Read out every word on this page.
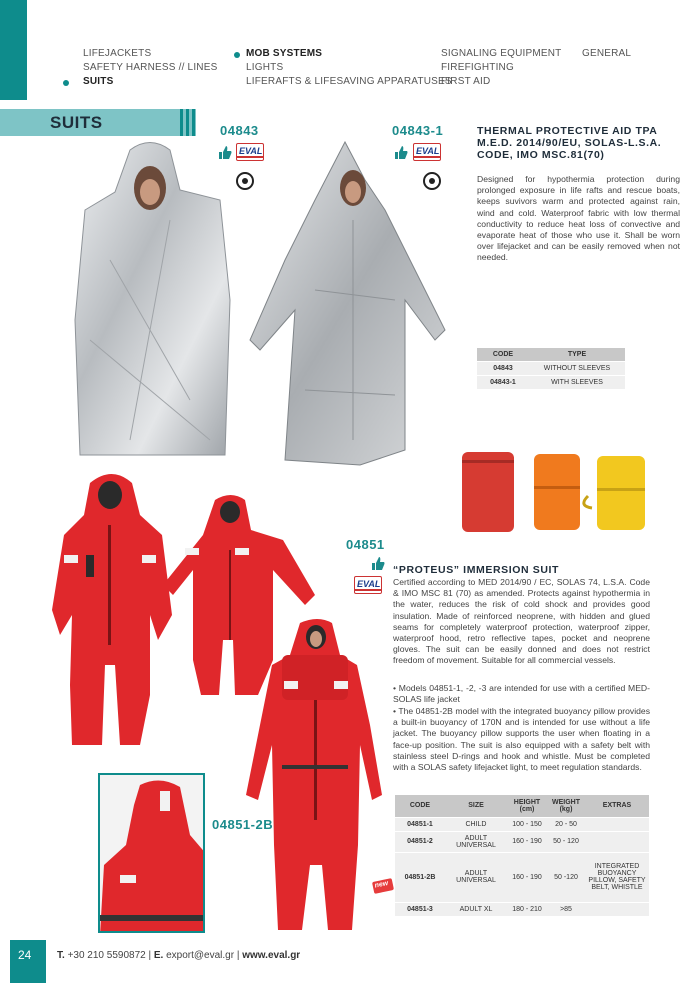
LIFEJACKETS
SAFETY HARNESS // LINES
SUITS
MOB SYSTEMS
LIGHTS
LIFERAFTS & LIFESAVING APPARATUSES
SIGNALING EQUIPMENT
FIREFIGHTING
FIRST AID
GENERAL
SUITS	04843	04843-1
EVAL	EVAL
THERMAL PROTECTIVE AID TPA M.E.D. 2014/90/EU, SOLAS-L.S.A. CODE, IMO MSC.81(70)
Designed for hypothermia protection during prolonged exposure in life rafts and rescue boats, keeps suvivors warm and protected against rain, wind and cold. Waterproof fabric with low thermal conductivity to reduce heat loss of convective and evaporate heat of those who use it. Shall be worn over lifejacket and can be easily removed when not needed.
CODE	TYPE
04843	WITHOUT SLEEVES
04843-1	WITH SLEEVES
04851
EVAL
04851-2B
“PROTEUS” IMMERSION SUIT
Certified according to MED 2014/90 / EC, SOLAS 74, L.S.A. Code & IMO MSC 81 (70) as amended. Protects against hypothermia in the water, reduces the risk of cold shock and provides good insulation. Made of reinforced neoprene, with hidden and glued seams for completely waterproof protection, waterproof zipper, waterproof hood, retro reflective tapes, pocket and neoprene gloves. The suit can be easily donned and does not restrict freedom of movement. Suitable for all commercial vessels.
• Models 04851-1, -2, -3 are intended for use with a certified MED-SOLAS life jacket
• The 04851-2B model with the integrated buoyancy pillow provides a built-in buoyancy of 170N and is intended for use without a life jacket. The buoyancy pillow supports the user when floating in a face-up position. The suit is also equipped with a safety belt with stainless steel D-rings and hook and whistle. Must be completed with a SOLAS safety lifejacket light, to meet regulation standards.
new
CODE	SIZE	HEIGHT (cm)	WEIGHT (kg)	EXTRAS
04851-1	CHILD	100 - 150	20 - 50	
04851-2	ADULT UNIVERSAL	160 - 190	50 - 120	
04851-2B	ADULT UNIVERSAL	160 - 190	50 -120	INTEGRATED BUOYANCY PILLOW, SAFETY BELT, WHISTLE
04851-3	ADULT XL	180 - 210	>85	
24	T. +30 210 5590872 | E. export@eval.gr | www.eval.gr
